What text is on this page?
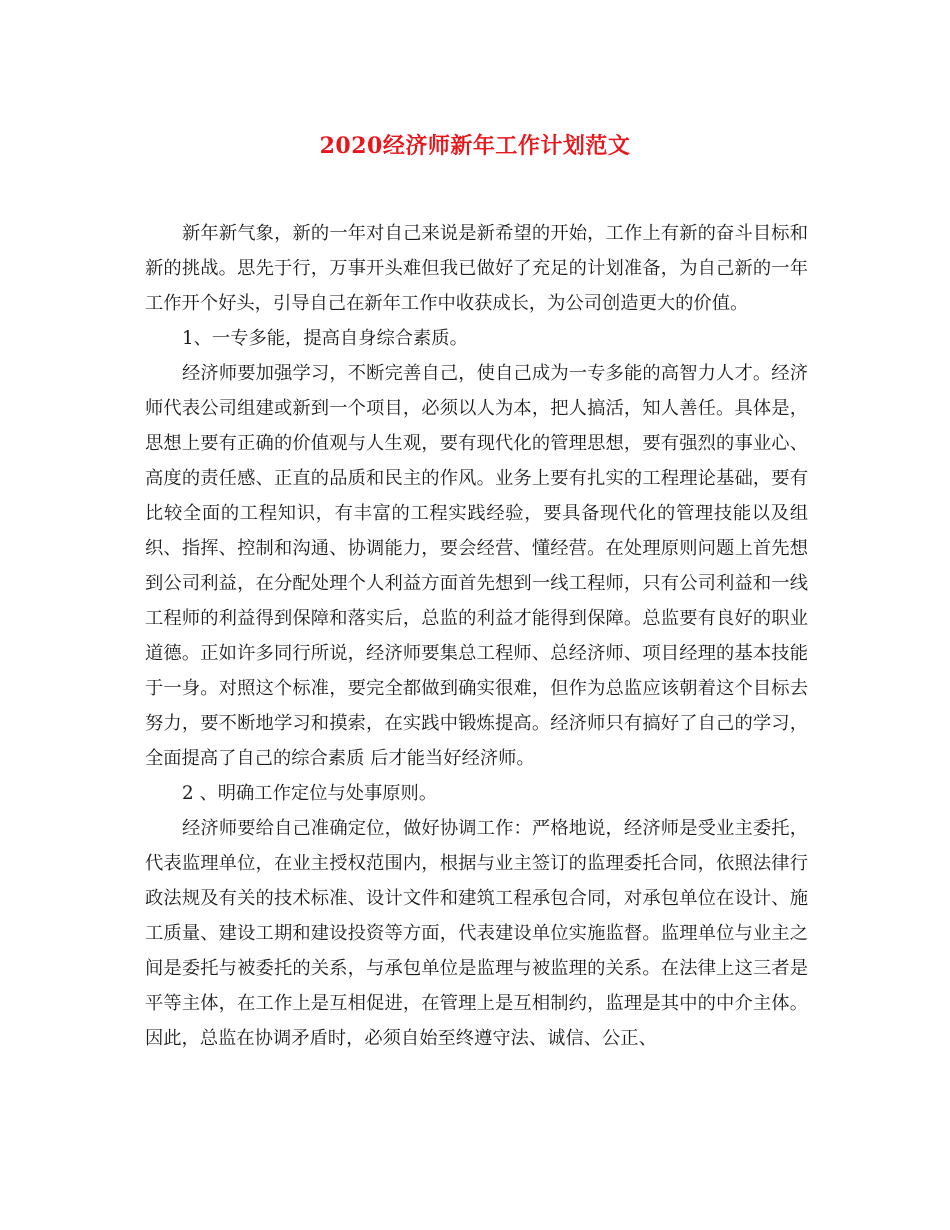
2020经济师新年工作计划范文

新年新气象，新的一年对自己来说是新希望的开始，工作上有新的奋斗目标和新的挑战。思先于行，万事开头难但我已做好了充足的计划准备，为自己新的一年工作开个好头，引导自己在新年工作中收获成长，为公司创造更大的价值。

1、一专多能，提高自身综合素质。

经济师要加强学习，不断完善自己，使自己成为一专多能的高智力人才。经济师代表公司组建或新到一个项目，必须以人为本，把人搞活，知人善任。具体是，思想上要有正确的价值观与人生观，要有现代化的管理思想，要有强烈的事业心、高度的责任感、正直的品质和民主的作风。业务上要有扎实的工程理论基础，要有比较全面的工程知识，有丰富的工程实践经验，要具备现代化的管理技能以及组织、指挥、控制和沟通、协调能力，要会经营、懂经营。在处理原则问题上首先想到公司利益，在分配处理个人利益方面首先想到一线工程师，只有公司利益和一线工程师的利益得到保障和落实后，总监的利益才能得到保障。总监要有良好的职业道德。正如许多同行所说，经济师要集总工程师、总经济师、项目经理的基本技能于一身。对照这个标准，要完全都做到确实很难，但作为总监应该朝着这个目标去努力，要不断地学习和摸索，在实践中锻炼提高。经济师只有搞好了自己的学习，全面提高了自己的综合素质 后才能当好经济师。

2 、明确工作定位与处事原则。

经济师要给自己准确定位，做好协调工作：严格地说，经济师是受业主委托，代表监理单位，在业主授权范围内，根据与业主签订的监理委托合同，依照法律行政法规及有关的技术标准、设计文件和建筑工程承包合同，对承包单位在设计、施工质量、建设工期和建设投资等方面，代表建设单位实施监督。监理单位与业主之间是委托与被委托的关系，与承包单位是监理与被监理的关系。在法律上这三者是平等主体，在工作上是互相促进，在管理上是互相制约，监理是其中的中介主体。因此，总监在协调矛盾时，必须自始至终遵守法、诚信、公正、
